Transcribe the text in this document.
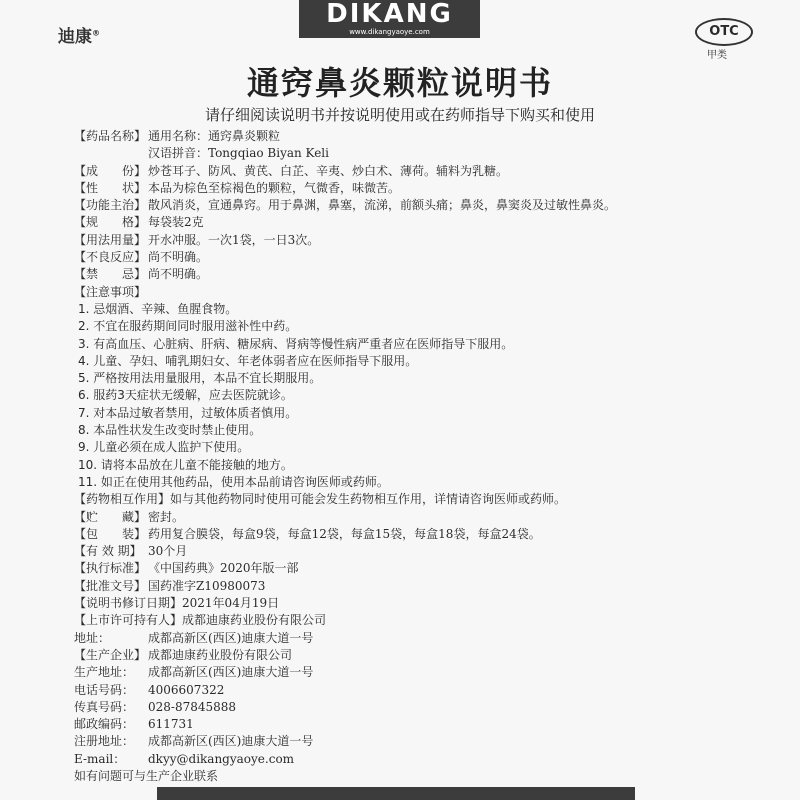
DIKANG
www.dikangyaoye.com
迪康®	OTC
甲类
通窍鼻炎颗粒说明书
请仔细阅读说明书并按说明使用或在药师指导下购买和使用
【药品名称】 通用名称：通窍鼻炎颗粒
汉语拼音：Tongqiao Biyan Keli
【成　　份】 炒苍耳子、防风、黄芪、白芷、辛夷、炒白术、薄荷。辅料为乳糖。
【性　　状】 本品为棕色至棕褐色的颗粒，气微香，味微苦。
【功能主治】 散风消炎，宣通鼻窍。用于鼻渊，鼻塞，流涕，前额头痛；鼻炎，鼻窦炎及过敏性鼻炎。
【规　　格】 每袋装2克
【用法用量】 开水冲服。一次1袋，一日3次。
【不良反应】 尚不明确。
【禁　　忌】 尚不明确。
【注意事项】
1. 忌烟酒、辛辣、鱼腥食物。
2. 不宜在服药期间同时服用滋补性中药。
3. 有高血压、心脏病、肝病、糖尿病、肾病等慢性病严重者应在医师指导下服用。
4. 儿童、孕妇、哺乳期妇女、年老体弱者应在医师指导下服用。
5. 严格按用法用量服用，本品不宜长期服用。
6. 服药3天症状无缓解，应去医院就诊。
7. 对本品过敏者禁用，过敏体质者慎用。
8. 本品性状发生改变时禁止使用。
9. 儿童必须在成人监护下使用。
10. 请将本品放在儿童不能接触的地方。
11. 如正在使用其他药品，使用本品前请咨询医师或药师。
【药物相互作用】如与其他药物同时使用可能会发生药物相互作用，详情请咨询医师或药师。
【贮　　藏】 密封。
【包　　装】 药用复合膜袋，每盒9袋，每盒12袋，每盒15袋，每盒18袋，每盒24袋。
【有 效 期】 30个月
【执行标准】 《中国药典》2020年版一部
【批准文号】 国药准字Z10980073
【说明书修订日期】2021年04月19日
【上市许可持有人】成都迪康药业股份有限公司
地址：	成都高新区(西区)迪康大道一号
【生产企业】 成都迪康药业股份有限公司
生产地址： 成都高新区(西区)迪康大道一号
电话号码： 4006607322
传真号码： 028-87845888
邮政编码： 611731
注册地址： 成都高新区(西区)迪康大道一号
E-mail： dkyy@dikangyaoye.com
如有问题可与生产企业联系
